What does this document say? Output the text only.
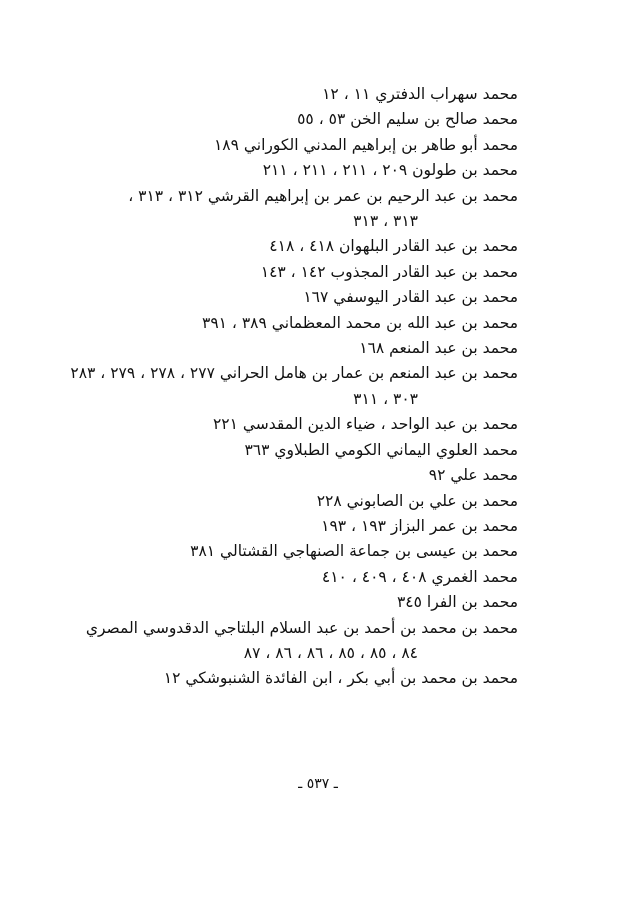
محمد سهراب الدفتري ١١ ، ١٢
محمد صالح بن سليم الخن ٥٣ ، ٥٥
محمد أبو طاهر بن إبراهيم المدني الكوراني ١٨٩
محمد بن طولون ٢٠٩ ، ٢١١ ، ٢١١ ، ٢١١
محمد بن عبد الرحيم بن عمر بن إبراهيم القرشي ٣١٢ ، ٣١٣ ،
٣١٣ ، ٣١٣
محمد بن عبد القادر البلهوان ٤١٨ ، ٤١٨
محمد بن عبد القادر المجذوب ١٤٢ ، ١٤٣
محمد بن عبد القادر اليوسفي ١٦٧
محمد بن عبد الله بن محمد المعظماني ٣٨٩ ، ٣٩١
محمد بن عبد المنعم ١٦٨
محمد بن عبد المنعم بن عمار بن هامل الحراني ٢٧٧ ، ٢٧٨ ، ٢٧٩ ، ٢٨٣
٣٠٣ ، ٣١١
محمد بن عبد الواحد ، ضياء الدين المقدسي ٢٢١
محمد العلوي اليماني الكومي الطبلاوي ٣٦٣
محمد علي ٩٢
محمد بن علي بن الصابوني ٢٢٨
محمد بن عمر البزاز ١٩٣ ، ١٩٣
محمد بن عيسى بن جماعة الصنهاجي القشتالي ٣٨١
محمد الغمري ٤٠٨ ، ٤٠٩ ، ٤١٠
محمد بن الفرا ٣٤٥
محمد بن محمد بن أحمد بن عبد السلام البلتاجي الدقدوسي المصري
٨٤ ، ٨٥ ، ٨٥ ، ٨٦ ، ٨٦ ، ٨٧
محمد بن محمد بن أبي بكر ، ابن الفائدة الشنبوشكي ١٢
ـ ٥٣٧ ـ
